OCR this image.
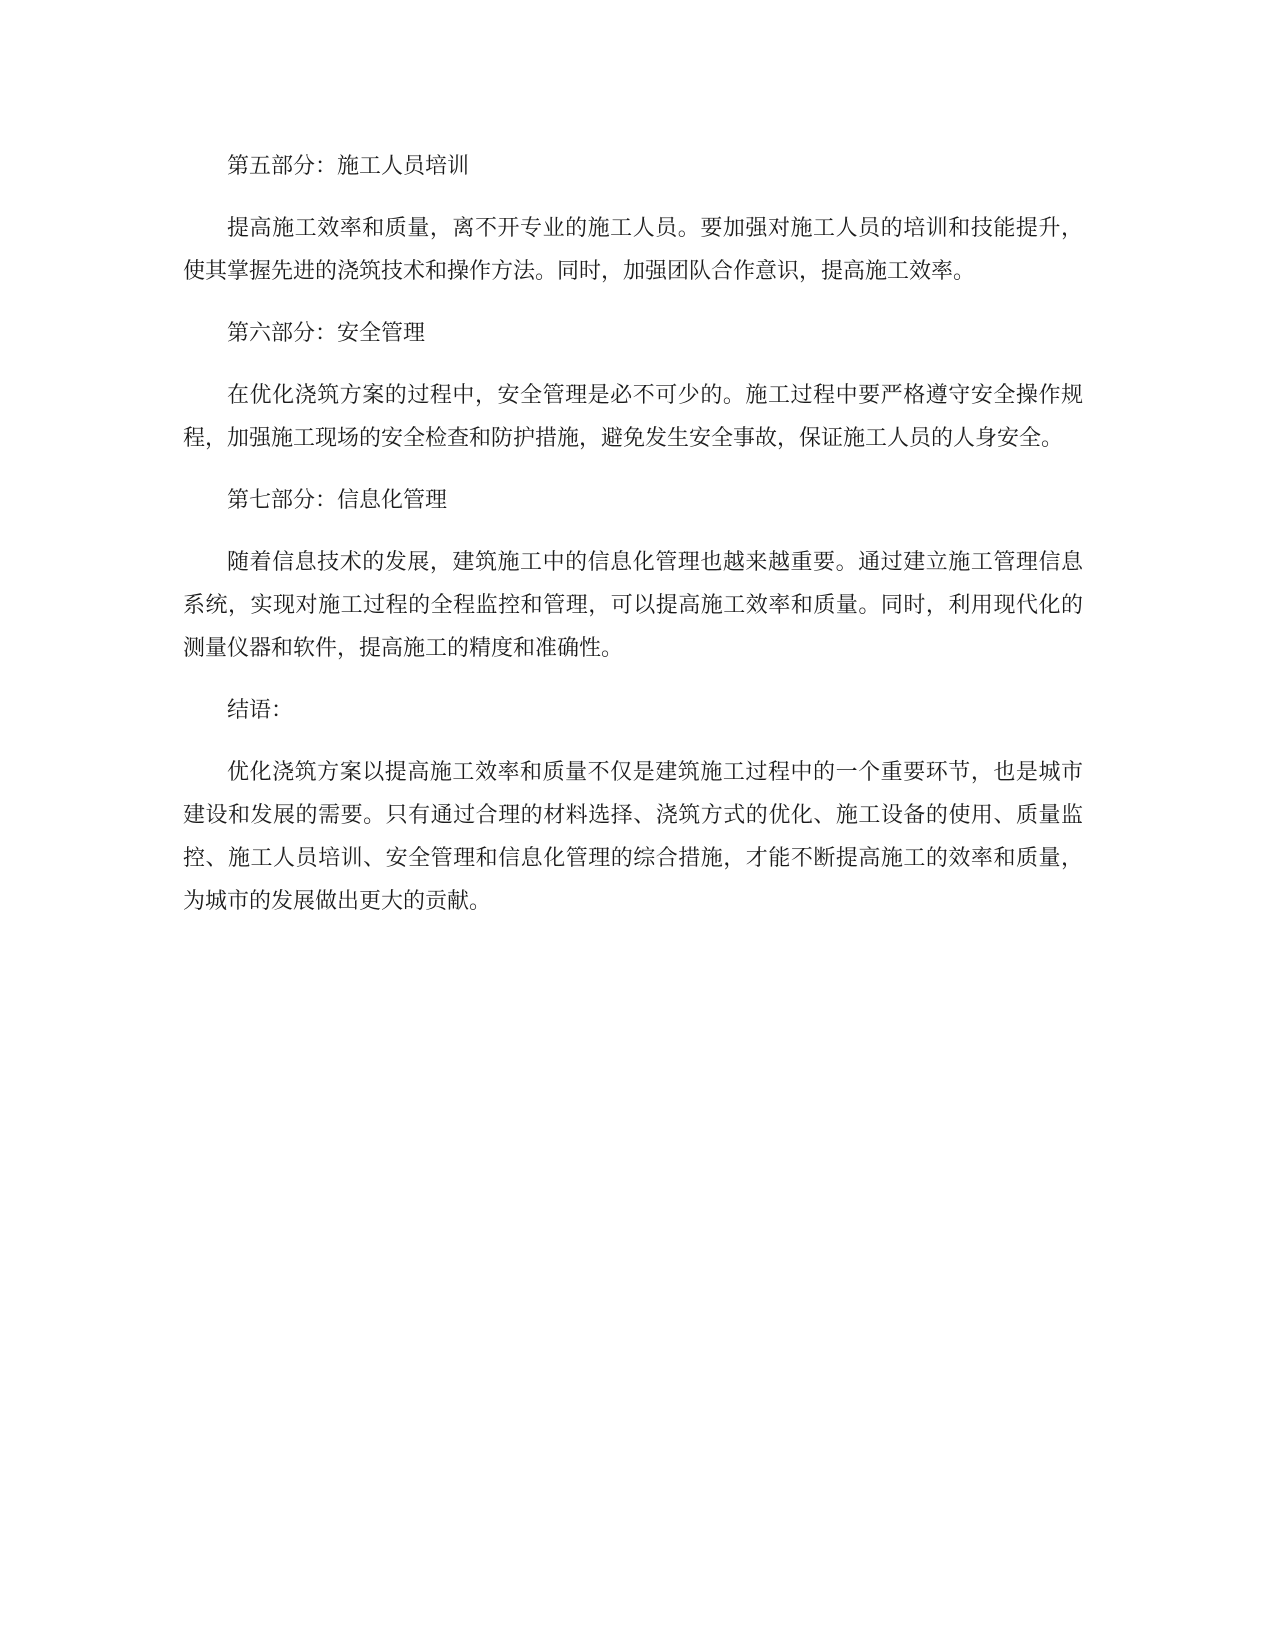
第五部分：施工人员培训

提高施工效率和质量，离不开专业的施工人员。要加强对施工人员的培训和技能提升，使其掌握先进的浇筑技术和操作方法。同时，加强团队合作意识，提高施工效率。

第六部分：安全管理

在优化浇筑方案的过程中，安全管理是必不可少的。施工过程中要严格遵守安全操作规程，加强施工现场的安全检查和防护措施，避免发生安全事故，保证施工人员的人身安全。

第七部分：信息化管理

随着信息技术的发展，建筑施工中的信息化管理也越来越重要。通过建立施工管理信息系统，实现对施工过程的全程监控和管理，可以提高施工效率和质量。同时，利用现代化的测量仪器和软件，提高施工的精度和准确性。

结语：

优化浇筑方案以提高施工效率和质量不仅是建筑施工过程中的一个重要环节，也是城市建设和发展的需要。只有通过合理的材料选择、浇筑方式的优化、施工设备的使用、质量监控、施工人员培训、安全管理和信息化管理的综合措施，才能不断提高施工的效率和质量，为城市的发展做出更大的贡献。
